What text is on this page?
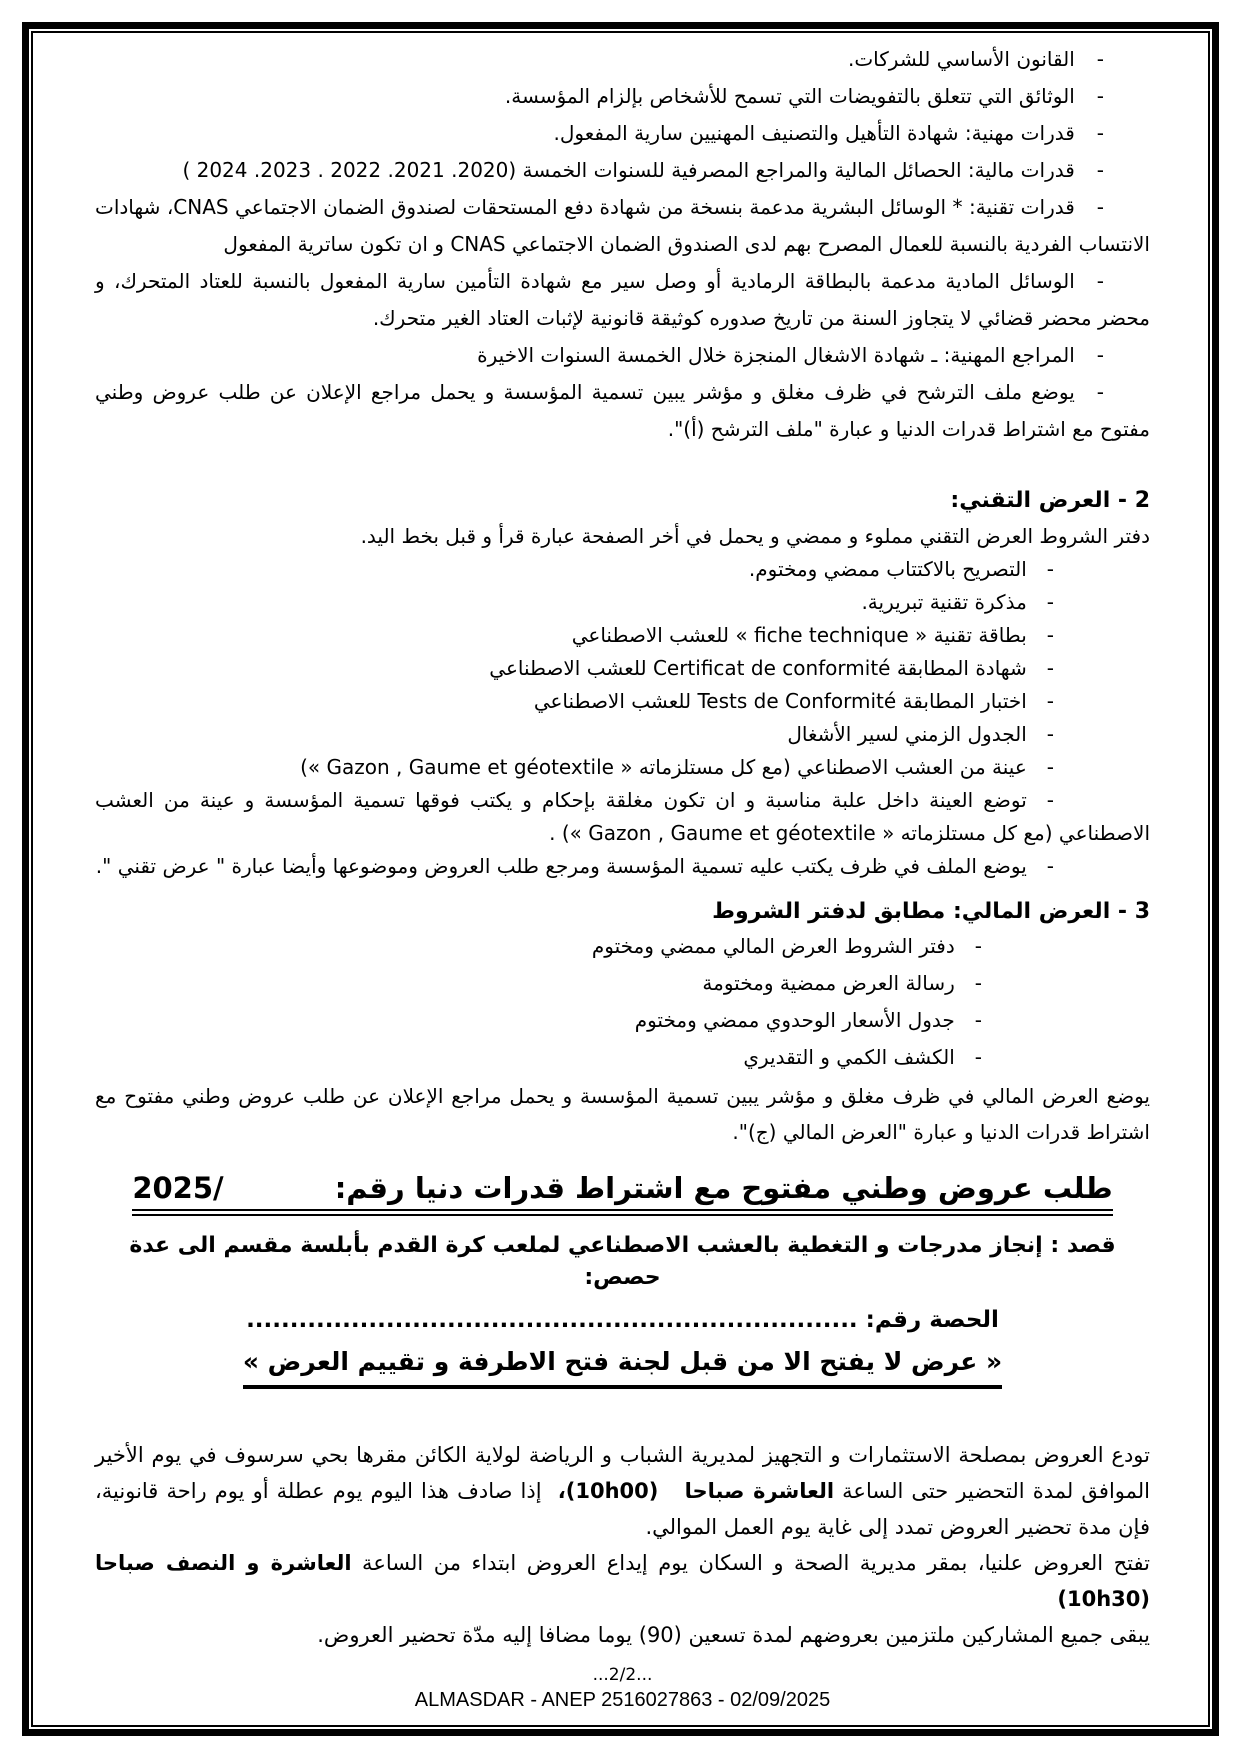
-القانون الأساسي للشركات.
-الوثائق التي تتعلق بالتفويضات التي تسمح للأشخاص بإلزام المؤسسة.
-قدرات مهنية: شهادة التأهيل والتصنيف المهنيين سارية المفعول.
-قدرات مالية: الحصائل المالية والمراجع المصرفية للسنوات الخمسة (2020. 2021. 2022 . 2023. 2024 )
-قدرات تقنية: * الوسائل البشرية مدعمة بنسخة من شهادة دفع المستحقات لصندوق الضمان الاجتماعي CNAS، شهادات الانتساب الفردية بالنسبة للعمال المصرح بهم لدى الصندوق الضمان الاجتماعي CNAS و ان تكون ساترية المفعول
-الوسائل المادية مدعمة بالبطاقة الرمادية أو وصل سير مع شهادة التأمين سارية المفعول بالنسبة للعتاد المتحرك، و محضر محضر قضائي لا يتجاوز السنة من تاريخ صدوره كوثيقة قانونية لإثبات العتاد الغير متحرك.
-المراجع المهنية: ـ شهادة الاشغال المنجزة خلال الخمسة السنوات الاخيرة
-يوضع ملف الترشح في ظرف مغلق و مؤشر يبين تسمية المؤسسة و يحمل مراجع الإعلان عن طلب عروض وطني مفتوح مع اشتراط قدرات الدنيا و عبارة "ملف الترشح (أ)".
2 - العرض التقني:

دفتر الشروط العرض التقني مملوء و ممضي و يحمل في أخر الصفحة عبارة قرأ و قبل بخط اليد.

-التصريح بالاكتتاب ممضي ومختوم.
-مذكرة تقنية تبريرية.
-بطاقة تقنية « fiche technique » للعشب الاصطناعي
-شهادة المطابقة Certificat de conformité للعشب الاصطناعي
-اختبار المطابقة Tests de Conformité للعشب الاصطناعي
-الجدول الزمني لسير الأشغال
-عينة من العشب الاصطناعي (مع كل مستلزماته « Gazon , Gaume et géotextile »)
-توضع العينة داخل علبة مناسبة و ان تكون مغلقة بإحكام و يكتب فوقها تسمية المؤسسة و عينة من العشب الاصطناعي (مع كل مستلزماته « Gazon , Gaume et géotextile ») .
-يوضع الملف في ظرف يكتب عليه تسمية المؤسسة ومرجع طلب العروض وموضوعها وأيضا عبارة " عرض تقني ".
3 - العرض المالي: مطابق لدفتر الشروط
-دفتر الشروط العرض المالي ممضي ومختوم
-رسالة العرض ممضية ومختومة
-جدول الأسعار الوحدوي ممضي ومختوم
-الكشف الكمي و التقديري

يوضع العرض المالي في ظرف مغلق و مؤشر يبين تسمية المؤسسة و يحمل مراجع الإعلان عن طلب عروض وطني مفتوح مع اشتراط قدرات الدنيا و عبارة "العرض المالي (ج)".

طلب عروض وطني مفتوح مع اشتراط قدرات دنيا رقم:           /2025

قصد : إنجاز مدرجات و التغطية بالعشب الاصطناعي لملعب كرة القدم بأبلسة مقسم الى عدة حصص:

الحصة رقم: ......................................................................

« عرض لا يفتح الا من قبل لجنة فتح الاطرفة و تقييم العرض »

تودع العروض بمصلحة الاستثمارات و التجهيز لمديرية الشباب و الرياضة لولاية الكائن مقرها بحي سرسوف في يوم الأخير الموافق لمدة التحضير حتى الساعة العاشرة صباحا   (10h00)،  إذا صادف هذا اليوم يوم عطلة أو يوم راحة قانونية، فإن مدة تحضير العروض تمدد إلى غاية يوم العمل الموالي.

تفتح العروض علنيا، بمقر مديرية الصحة و السكان يوم إيداع العروض ابتداء من الساعة العاشرة و النصف صباحا (10h30)

يبقى جميع المشاركين ملتزمين بعروضهم لمدة تسعين (90) يوما مضافا إليه مدّة تحضير العروض.

...2/2...
ALMASDAR - ANEP 2516027863 - 02/09/2025
